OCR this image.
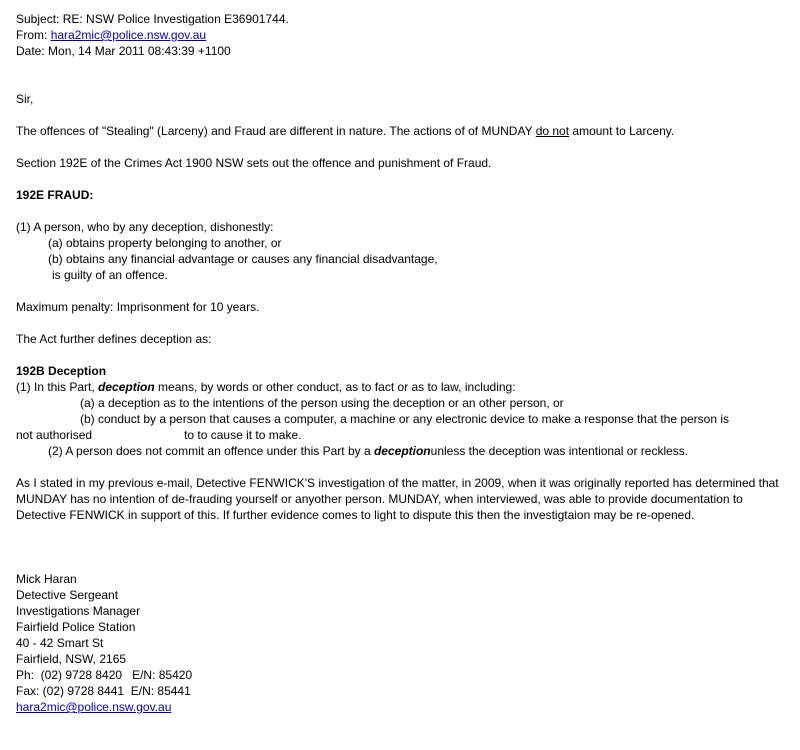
Subject: RE: NSW Police Investigation E36901744.
From: hara2mic@police.nsw.gov.au
Date: Mon, 14 Mar 2011 08:43:39 +1100
Sir,
The offences of "Stealing" (Larceny) and Fraud are different in nature. The actions of of MUNDAY do not amount to Larceny.
Section 192E of the Crimes Act 1900 NSW sets out the offence and punishment of Fraud.
192E FRAUD:
(1) A person, who by any deception, dishonestly:
(a) obtains property belonging to another, or
(b) obtains any financial advantage or causes any financial disadvantage,
is guilty of an offence.
Maximum penalty: Imprisonment for 10 years.
The Act further defines deception as:
192B Deception
(1) In this Part, deception means, by words or other conduct, as to fact or as to law, including:
(a) a deception as to the intentions of the person using the deception or an other person, or
(b) conduct by a person that causes a computer, a machine or any electronic device to make a response that the person is
not authorised	to to cause it to make.
(2) A person does not commit an offence under this Part by a deceptionunless the deception was intentional or reckless.
As I stated in my previous e-mail, Detective FENWICK'S investigation of the matter, in 2009, when it was originally reported has determined that MUNDAY has no intention of de-frauding yourself or anyother person. MUNDAY, when interviewed, was able to provide documentation to Detective FENWICK in support of this. If further evidence comes to light to dispute this then the investigtaion may be re-opened.
Mick Haran
Detective Sergeant
Investigations Manager
Fairfield Police Station
40 - 42 Smart St
Fairfield, NSW, 2165
Ph:  (02) 9728 8420   E/N: 85420
Fax: (02) 9728 8441  E/N: 85441
hara2mic@police.nsw.gov.au
